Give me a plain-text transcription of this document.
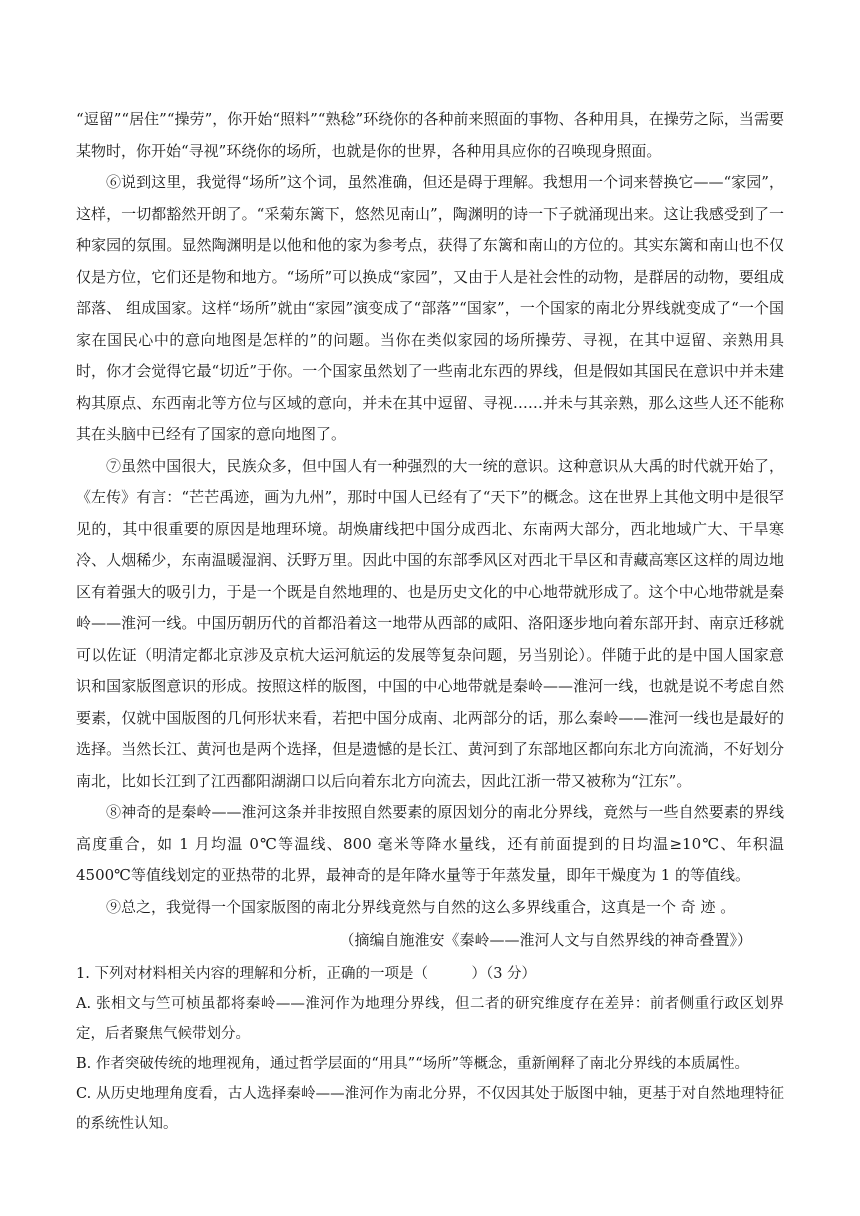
“逗留”“居住”“操劳”，你开始“照料”“熟稔”环绕你的各种前来照面的事物、各种用具，在操劳之际，当需要某物时，你开始“寻视”环绕你的场所，也就是你的世界，各种用具应你的召唤现身照面。

⑥说到这里，我觉得“场所”这个词，虽然准确，但还是碍于理解。我想用一个词来替换它——“家园”，这样，一切都豁然开朗了。“采菊东篱下，悠然见南山”，陶渊明的诗一下子就涌现出来。这让我感受到了一种家园的氛围。显然陶渊明是以他和他的家为参考点，获得了东篱和南山的方位的。其实东篱和南山也不仅仅是方位，它们还是物和地方。“场所”可以换成“家园”，又由于人是社会性的动物，是群居的动物，要组成部落、 组成国家。这样“场所”就由“家园”演变成了“部落”“国家”，一个国家的南北分界线就变成了“一个国家在国民心中的意向地图是怎样的”的问题。当你在类似家园的场所操劳、寻视，在其中逗留、亲熟用具时，你才会觉得它最“切近”于你。一个国家虽然划了一些南北东西的界线，但是假如其国民在意识中并未建构其原点、东西南北等方位与区域的意向，并未在其中逗留、寻视……并未与其亲熟，那么这些人还不能称其在头脑中已经有了国家的意向地图了。

⑦虽然中国很大，民族众多，但中国人有一种强烈的大一统的意识。这种意识从大禹的时代就开始了，《左传》有言：“芒芒禹迹，画为九州”，那时中国人已经有了“天下”的概念。这在世界上其他文明中是很罕见的，其中很重要的原因是地理环境。胡焕庸线把中国分成西北、东南两大部分，西北地域广大、干旱寒冷、人烟稀少，东南温暖湿润、沃野万里。因此中国的东部季风区对西北干旱区和青藏高寒区这样的周边地区有着强大的吸引力，于是一个既是自然地理的、也是历史文化的中心地带就形成了。这个中心地带就是秦岭——淮河一线。中国历朝历代的首都沿着这一地带从西部的咸阳、洛阳逐步地向着东部开封、南京迁移就可以佐证（明清定都北京涉及京杭大运河航运的发展等复杂问题，另当别论）。伴随于此的是中国人国家意识和国家版图意识的形成。按照这样的版图，中国的中心地带就是秦岭——淮河一线，也就是说不考虑自然要素，仅就中国版图的几何形状来看，若把中国分成南、北两部分的话，那么秦岭——淮河一线也是最好的选择。当然长江、黄河也是两个选择，但是遗憾的是长江、黄河到了东部地区都向东北方向流淌，不好划分南北，比如长江到了江西鄱阳湖湖口以后向着东北方向流去，因此江浙一带又被称为“江东”。

⑧神奇的是秦岭——淮河这条并非按照自然要素的原因划分的南北分界线，竟然与一些自然要素的界线高度重合，如 1 月均温 0℃等温线、800 毫米等降水量线，还有前面提到的日均温≥10℃、年积温 4500℃等值线划定的亚热带的北界，最神奇的是年降水量等于年蒸发量，即年干燥度为 1 的等值线。

⑨总之，我觉得一个国家版图的南北分界线竟然与自然的这么多界线重合，这真是一个 奇 迹 。

（摘编自施淮安《秦岭——淮河人文与自然界线的神奇叠置》）

1. 下列对材料相关内容的理解和分析，正确的一项是（　　　）（3 分）

A. 张相文与竺可桢虽都将秦岭——淮河作为地理分界线，但二者的研究维度存在差异：前者侧重行政区划界定，后者聚焦气候带划分。

B. 作者突破传统的地理视角，通过哲学层面的“用具”“场所”等概念，重新阐释了南北分界线的本质属性。

C. 从历史地理角度看，古人选择秦岭——淮河作为南北分界，不仅因其处于版图中轴，更基于对自然地理特征的系统性认知。
